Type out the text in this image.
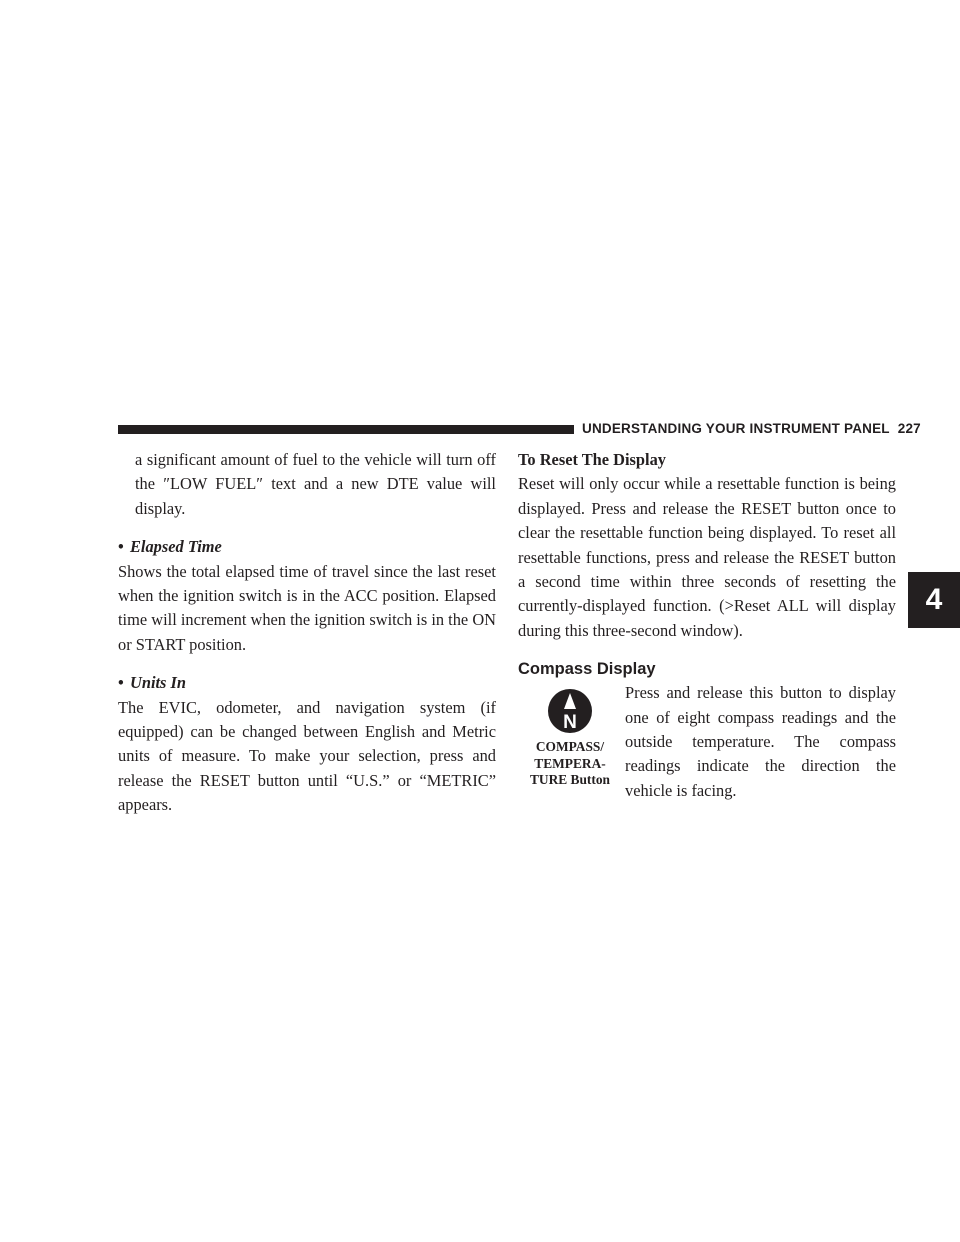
UNDERSTANDING YOUR INSTRUMENT PANEL 227
4

a significant amount of fuel to the vehicle will turn off the ″LOW FUEL″ text and a new DTE value will display.

• Elapsed Time

Shows the total elapsed time of travel since the last reset when the ignition switch is in the ACC position. Elapsed time will increment when the ignition switch is in the ON or START position.

• Units In

The EVIC, odometer, and navigation system (if equipped) can be changed between English and Metric units of measure. To make your selection, press and release the RESET button until “U.S.” or “METRIC” appears.

To Reset The Display

Reset will only occur while a resettable function is being displayed. Press and release the RESET button once to clear the resettable function being displayed. To reset all resettable functions, press and release the RESET button a second time within three seconds of resetting the currently-displayed function. (>Reset ALL will display during this three-second window).

Compass Display
N
COMPASS/
TEMPERA-
TURE Button

Press and release this button to display one of eight compass readings and the outside temperature. The compass readings indicate the direction the vehicle is facing.
